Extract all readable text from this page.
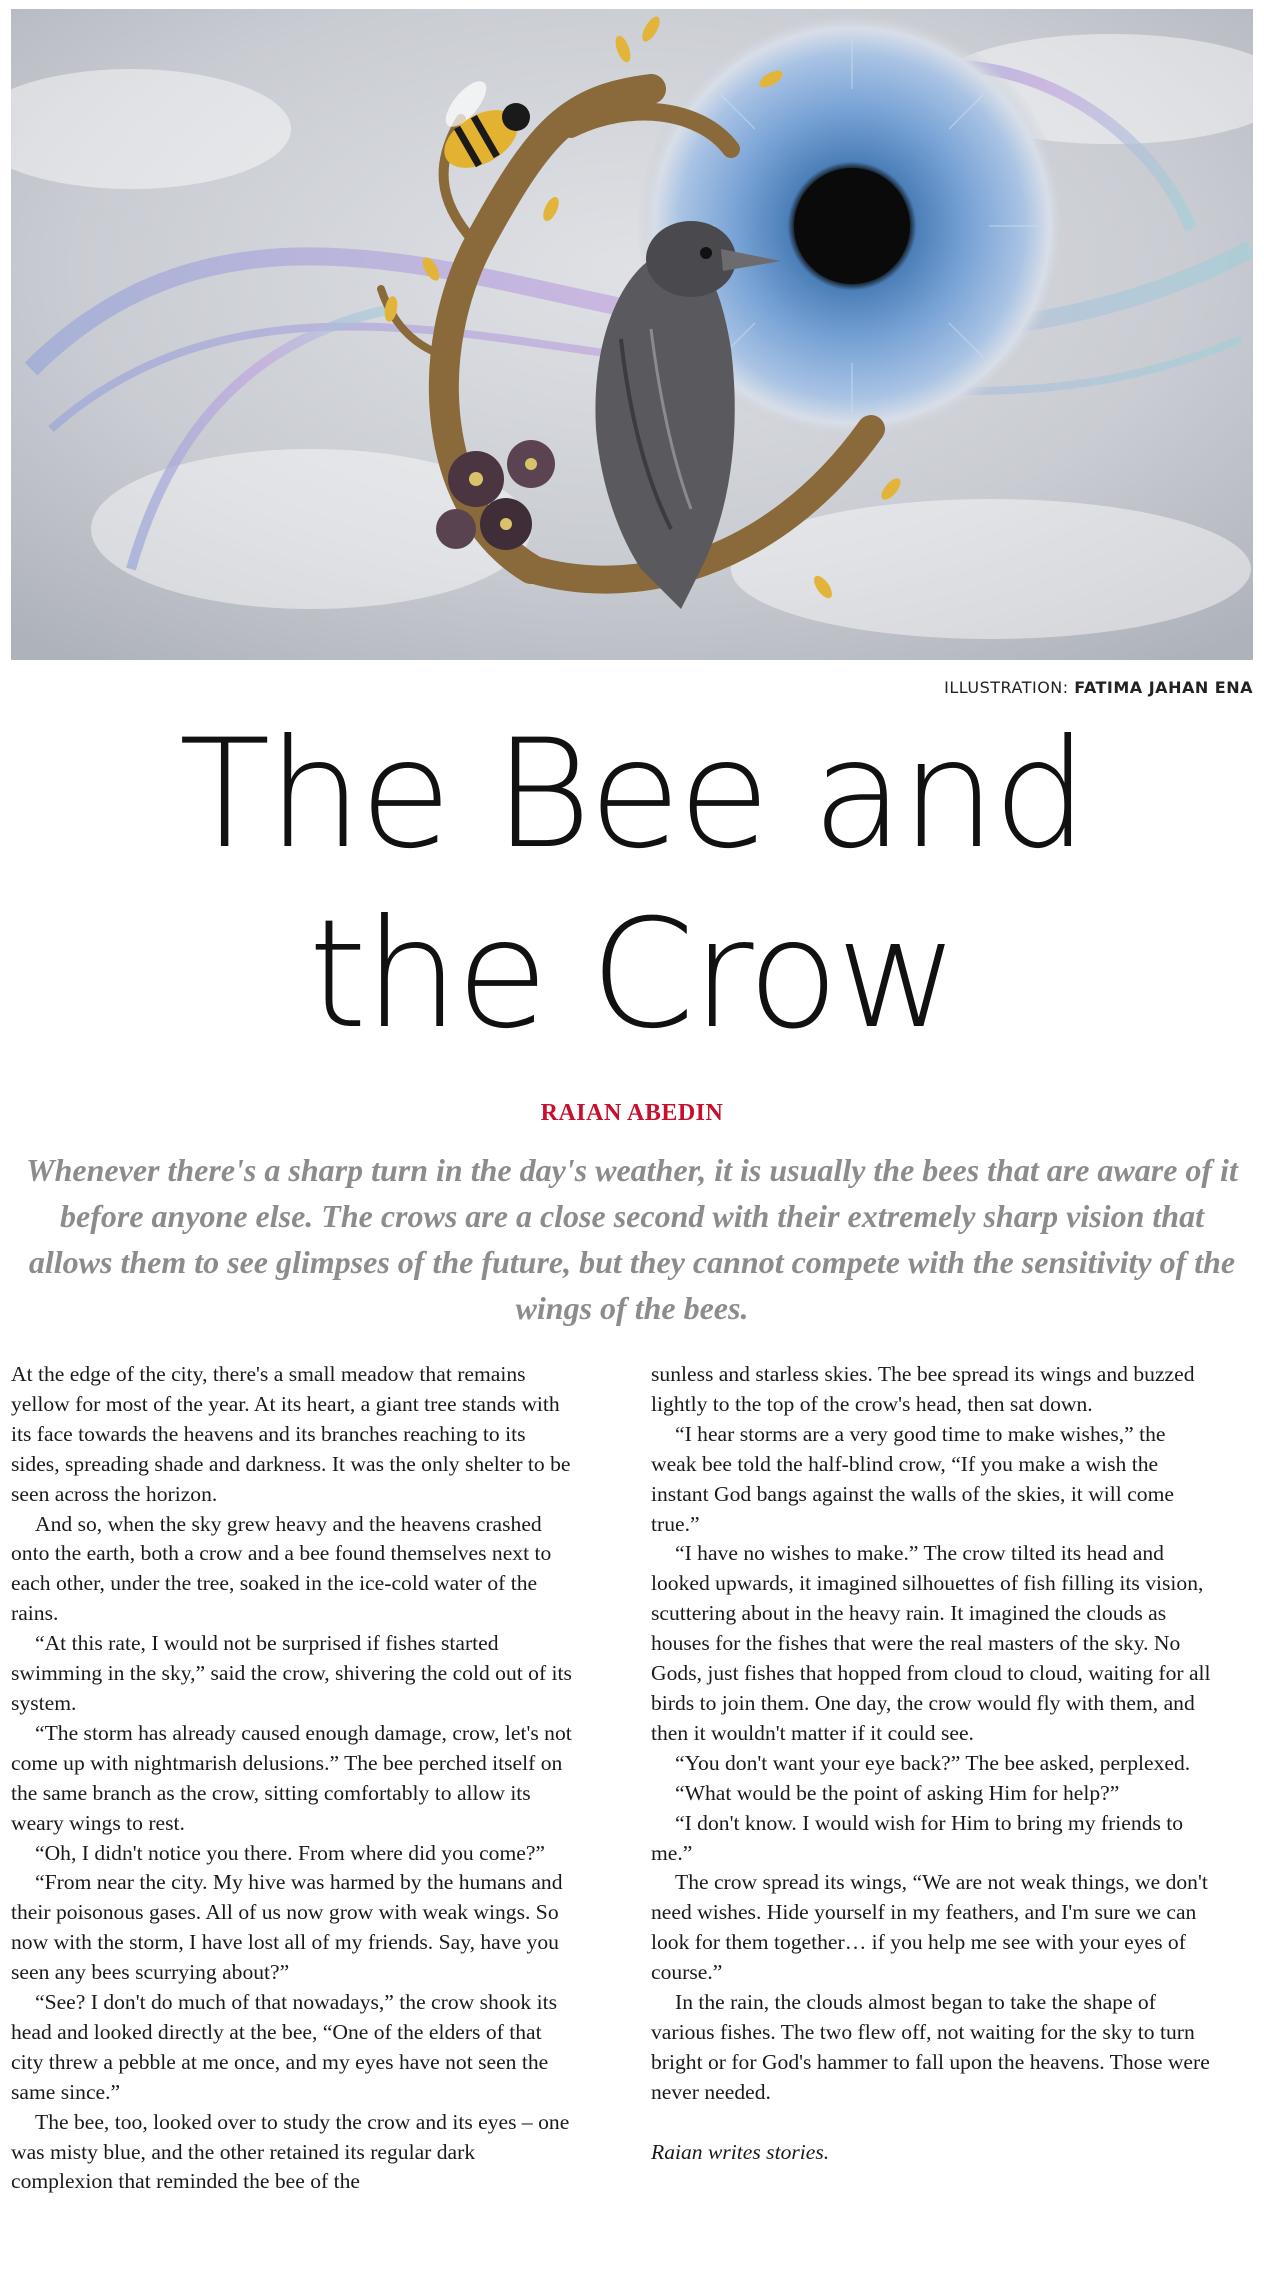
ILLUSTRATION: FATIMA JAHAN ENA
The Bee and
the Crow
RAIAN ABEDIN

Whenever there's a sharp turn in the day's weather, it is usually the bees that are aware of it before anyone else. The crows are a close second with their extremely sharp vision that allows them to see glimpses of the future, but they cannot compete with the sensitivity of the wings of the bees.

At the edge of the city, there's a small meadow that remains yellow for most of the year. At its heart, a giant tree stands with its face towards the heavens and its branches reaching to its sides, spreading shade and darkness. It was the only shelter to be seen across the horizon.

And so, when the sky grew heavy and the heavens crashed onto the earth, both a crow and a bee found themselves next to each other, under the tree, soaked in the ice-cold water of the rains.

“At this rate, I would not be surprised if fishes started swimming in the sky,” said the crow, shivering the cold out of its system.

“The storm has already caused enough damage, crow, let's not come up with nightmarish delusions.” The bee perched itself on the same branch as the crow, sitting comfortably to allow its weary wings to rest.

“Oh, I didn't notice you there. From where did you come?”

“From near the city. My hive was harmed by the humans and their poisonous gases. All of us now grow with weak wings. So now with the storm, I have lost all of my friends. Say, have you seen any bees scurrying about?”

“See? I don't do much of that nowadays,” the crow shook its head and looked directly at the bee, “One of the elders of that city threw a pebble at me once, and my eyes have not seen the same since.”

The bee, too, looked over to study the crow and its eyes – one was misty blue, and the other retained its regular dark complexion that reminded the bee of the

sunless and starless skies. The bee spread its wings and buzzed lightly to the top of the crow's head, then sat down.

“I hear storms are a very good time to make wishes,” the weak bee told the half-blind crow, “If you make a wish the instant God bangs against the walls of the skies, it will come true.”

“I have no wishes to make.” The crow tilted its head and looked upwards, it imagined silhouettes of fish filling its vision, scuttering about in the heavy rain. It imagined the clouds as houses for the fishes that were the real masters of the sky. No Gods, just fishes that hopped from cloud to cloud, waiting for all birds to join them. One day, the crow would fly with them, and then it wouldn't matter if it could see.

“You don't want your eye back?” The bee asked, perplexed.

“What would be the point of asking Him for help?”

“I don't know. I would wish for Him to bring my friends to me.”

The crow spread its wings, “We are not weak things, we don't need wishes. Hide yourself in my feathers, and I'm sure we can look for them together… if you help me see with your eyes of course.”

In the rain, the clouds almost began to take the shape of various fishes. The two flew off, not waiting for the sky to turn bright or for God's hammer to fall upon the heavens. Those were never needed.

Raian writes stories.
